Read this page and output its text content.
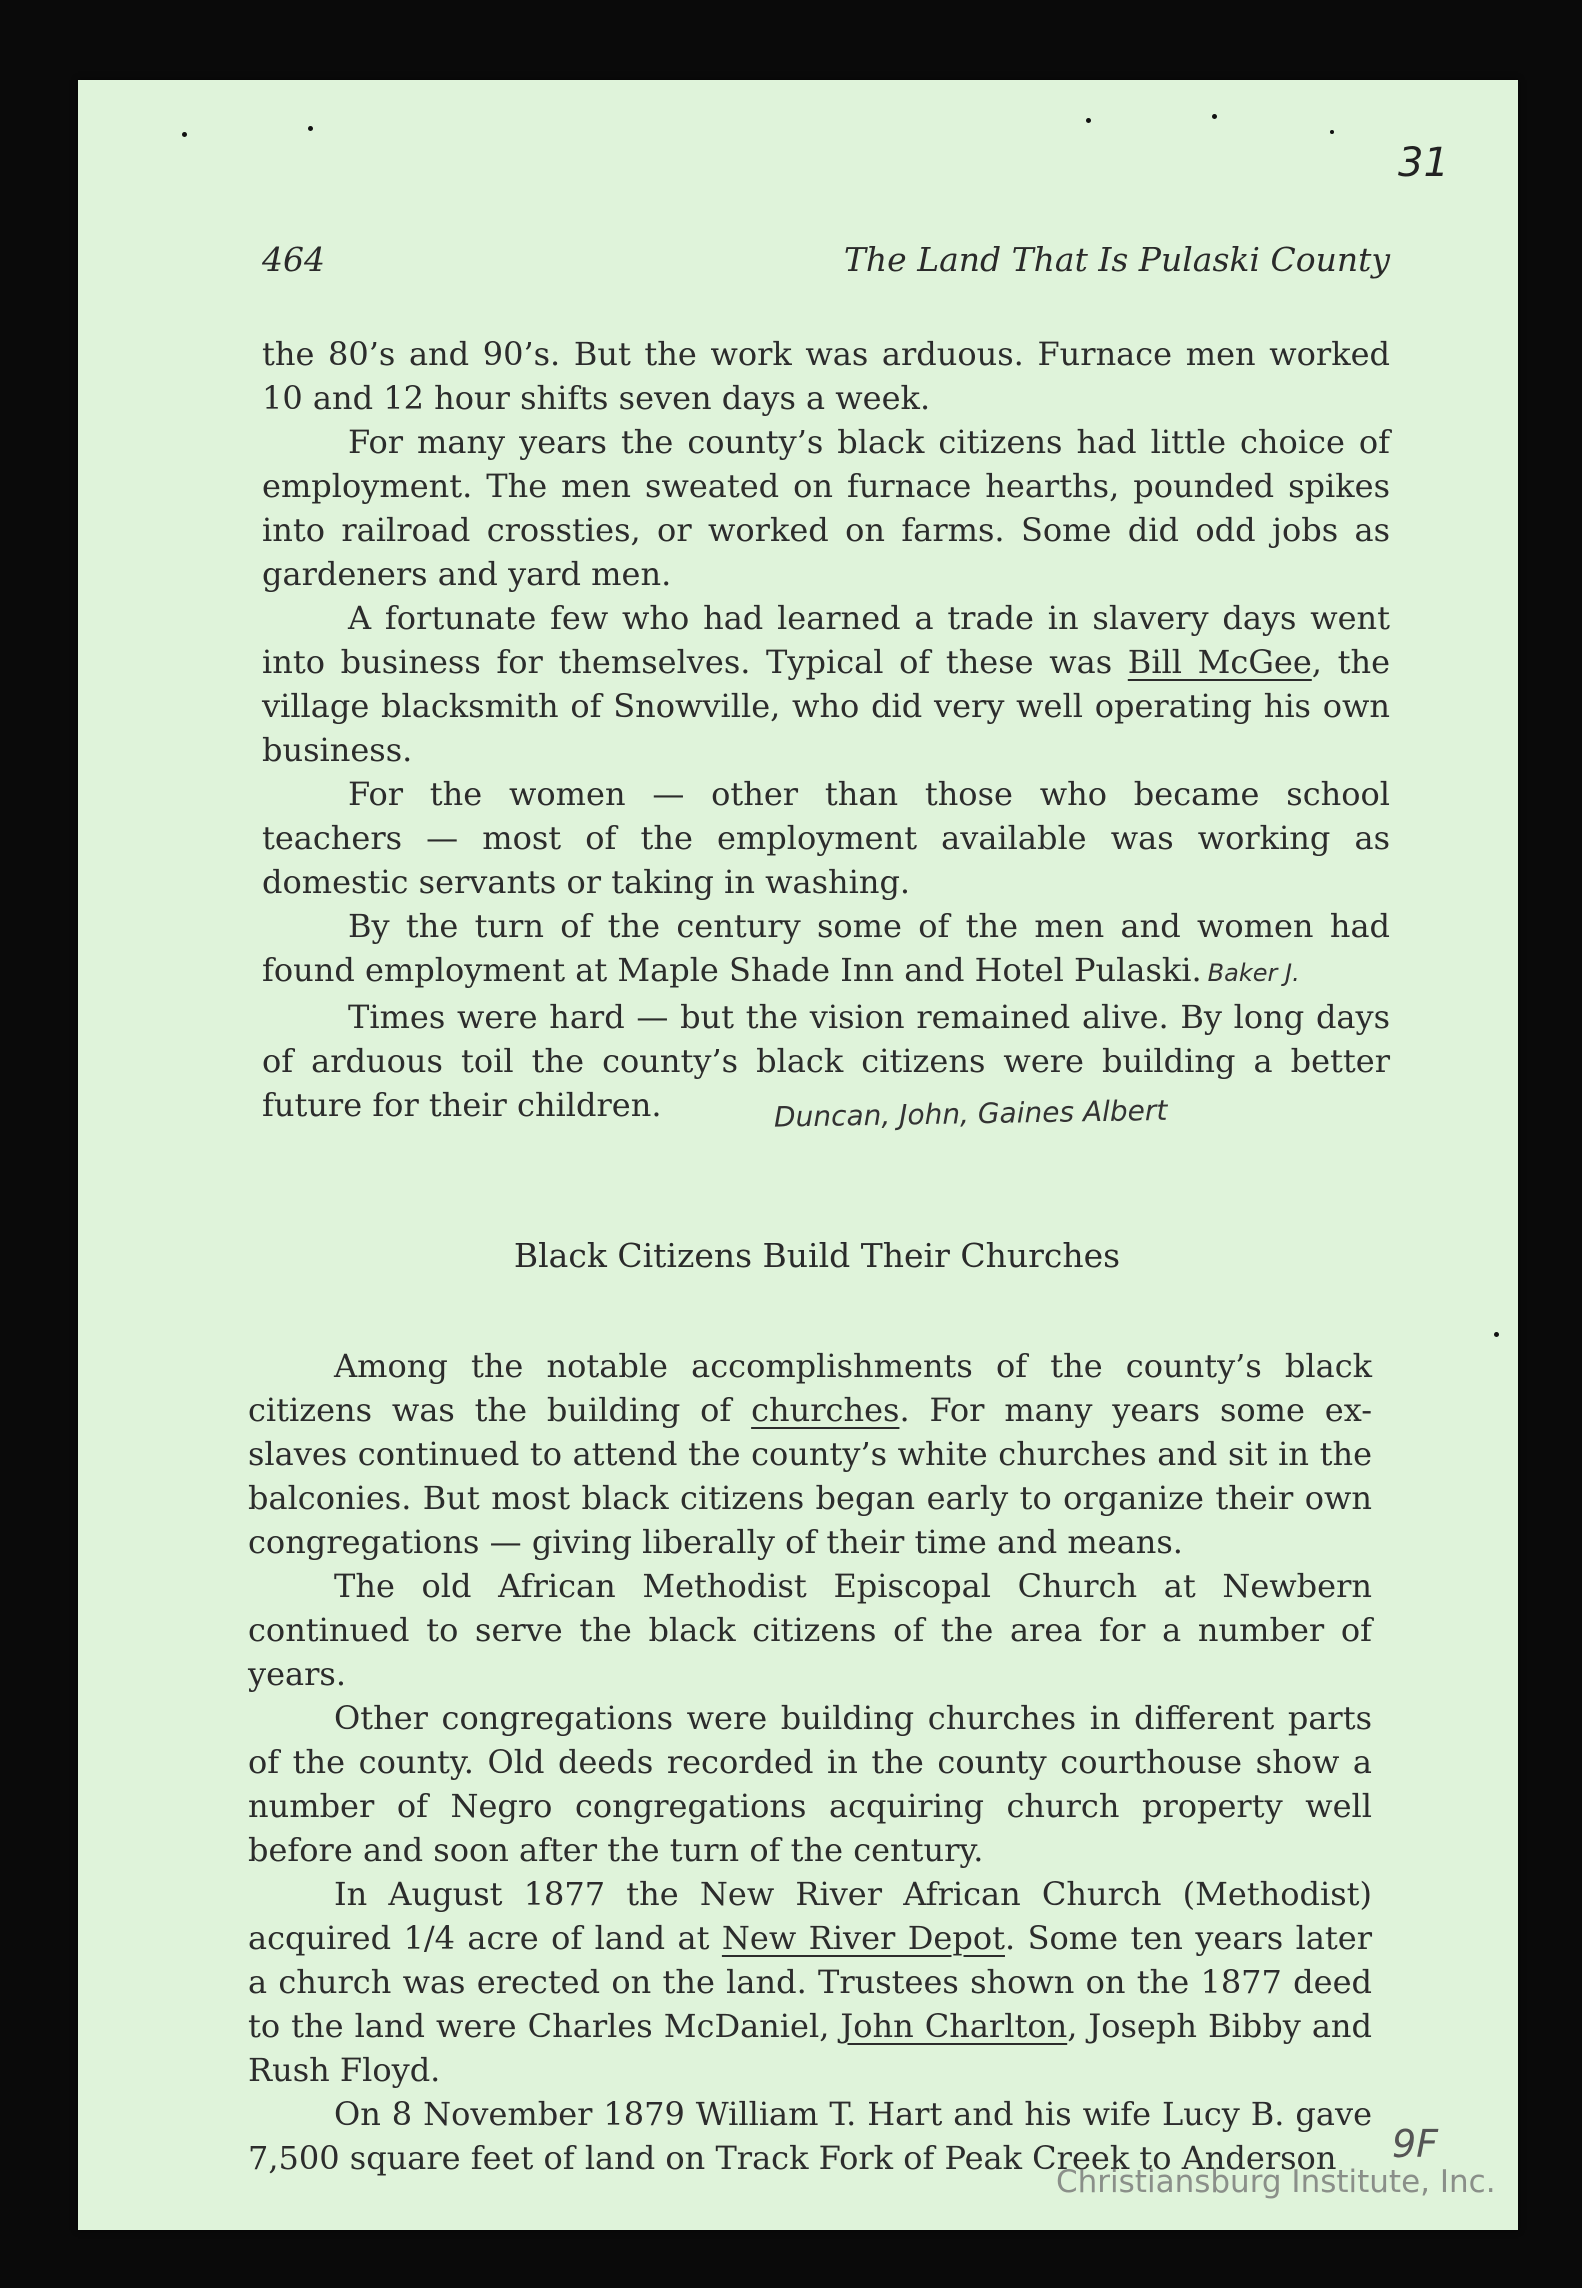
31
464	The Land That Is Pulaski County

the 80’s and 90’s. But the work was arduous. Furnace men worked 10 and 12 hour shifts seven days a week.

For many years the county’s black citizens had little choice of employment. The men sweated on furnace hearths, pounded spikes into railroad crossties, or worked on farms. Some did odd jobs as gardeners and yard men.

A fortunate few who had learned a trade in slavery days went into business for themselves. Typical of these was Bill McGee, the village blacksmith of Snowville, who did very well operating his own business.

For the women — other than those who became school teachers — most of the employment available was working as domestic servants or taking in washing.

By the turn of the century some of the men and women had found employment at Maple Shade Inn and Hotel Pulaski. Baker J.

Times were hard — but the vision remained alive. By long days of arduous toil the county’s black citizens were building a better future for their children.	Duncan, John, Gaines Albert

Black Citizens Build Their Churches

Among the notable accomplishments of the county’s black citizens was the building of churches. For many years some ex-slaves continued to attend the county’s white churches and sit in the balconies. But most black citizens began early to organize their own congregations — giving liberally of their time and means.

The old African Methodist Episcopal Church at Newbern continued to serve the black citizens of the area for a number of years.

Other congregations were building churches in different parts of the county. Old deeds recorded in the county courthouse show a number of Negro congregations acquiring church property well before and soon after the turn of the century.

In August 1877 the New River African Church (Methodist) acquired 1/4 acre of land at New River Depot. Some ten years later a church was erected on the land. Trustees shown on the 1877 deed to the land were Charles McDaniel, John Charlton, Joseph Bibby and Rush Floyd.

On 8 November 1879 William T. Hart and his wife Lucy B. gave 7,500 square feet of land on Track Fork of Peak Creek to Anderson	9F
Christiansburg Institute, Inc.
